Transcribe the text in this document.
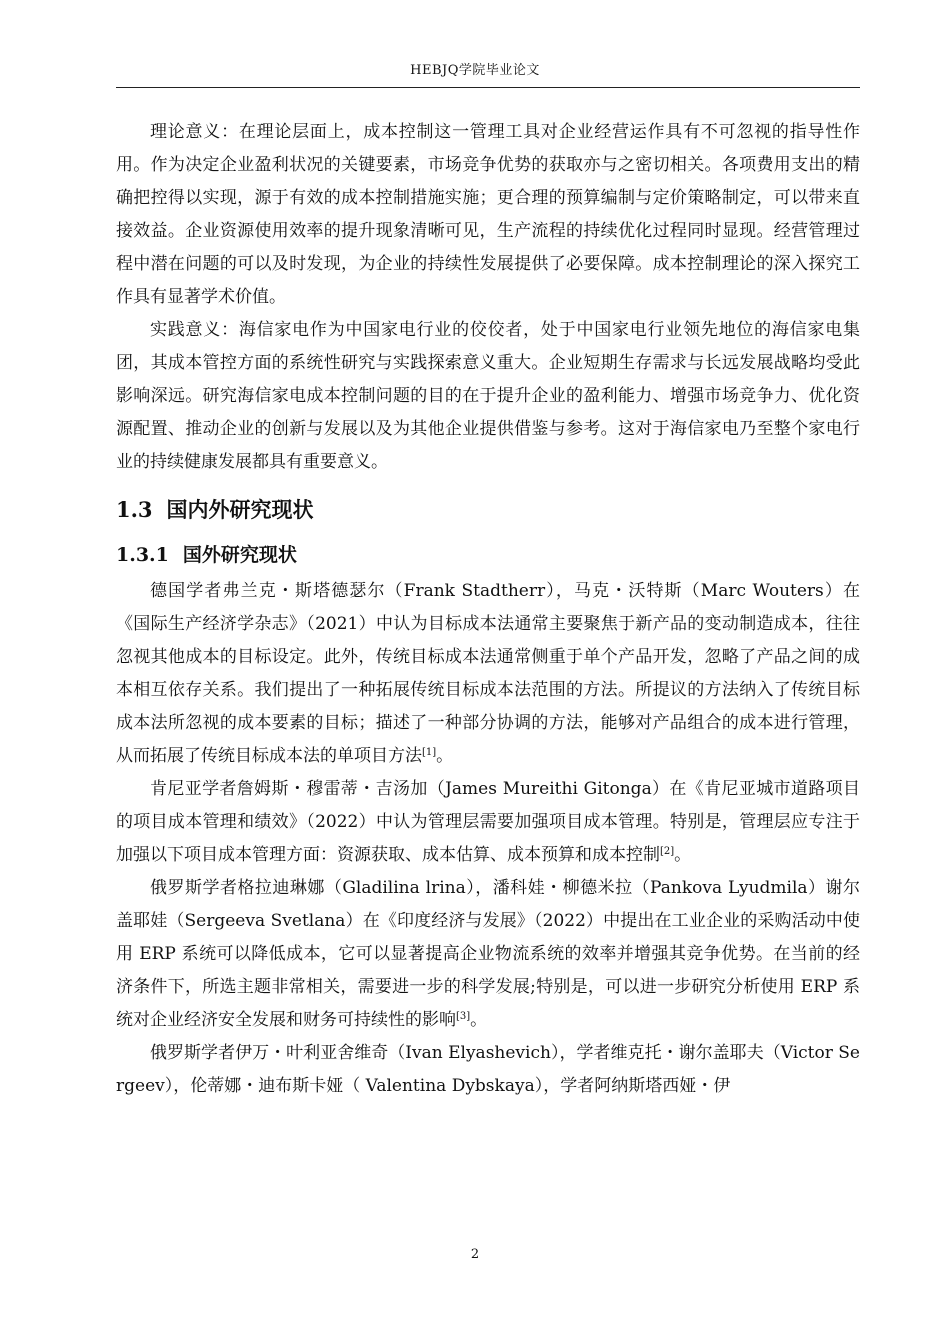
HEBJQ学院毕业论文

理论意义：在理论层面上，成本控制这一管理工具对企业经营运作具有不可忽视的指导性作用。作为决定企业盈利状况的关键要素，市场竞争优势的获取亦与之密切相关。各项费用支出的精确把控得以实现，源于有效的成本控制措施实施；更合理的预算编制与定价策略制定，可以带来直接效益。企业资源使用效率的提升现象清晰可见，生产流程的持续优化过程同时显现。经营管理过程中潜在问题的可以及时发现，为企业的持续性发展提供了必要保障。成本控制理论的深入探究工作具有显著学术价值。

实践意义：海信家电作为中国家电行业的佼佼者，处于中国家电行业领先地位的海信家电集团，其成本管控方面的系统性研究与实践探索意义重大。企业短期生存需求与长远发展战略均受此影响深远。研究海信家电成本控制问题的目的在于提升企业的盈利能力、增强市场竞争力、优化资源配置、推动企业的创新与发展以及为其他企业提供借鉴与参考。这对于海信家电乃至整个家电行业的持续健康发展都具有重要意义。

1.3 国内外研究现状
1.3.1 国外研究现状

德国学者弗兰克・斯塔德瑟尔（Frank Stadtherr），马克・沃特斯（Marc Wouters）在《国际生产经济学杂志》（2021）中认为目标成本法通常主要聚焦于新产品的变动制造成本，往往忽视其他成本的目标设定。此外，传统目标成本法通常侧重于单个产品开发，忽略了产品之间的成本相互依存关系。我们提出了一种拓展传统目标成本法范围的方法。所提议的方法纳入了传统目标成本法所忽视的成本要素的目标；描述了一种部分协调的方法，能够对产品组合的成本进行管理，从而拓展了传统目标成本法的单项目方法[1]。

肯尼亚学者詹姆斯・穆雷蒂・吉汤加（James Mureithi Gitonga）在《肯尼亚城市道路项目的项目成本管理和绩效》（2022）中认为管理层需要加强项目成本管理。特别是，管理层应专注于加强以下项目成本管理方面：资源获取、成本估算、成本预算和成本控制[2]。

俄罗斯学者格拉迪琳娜（Gladilina lrina），潘科娃・柳德米拉（Pankova Lyudmila）谢尔盖耶娃（Sergeeva Svetlana）在《印度经济与发展》（2022）中提出在工业企业的采购活动中使用 ERP 系统可以降低成本，它可以显著提高企业物流系统的效率并增强其竞争优势。在当前的经济条件下，所选主题非常相关，需要进一步的科学发展;特别是，可以进一步研究分析使用 ERP 系统对企业经济安全发展和财务可持续性的影响[3]。

俄罗斯学者伊万・叶利亚舍维奇（Ivan Elyashevich），学者维克托・谢尔盖耶夫（Victor Sergeev），伦蒂娜・迪布斯卡娅（ Valentina Dybskaya），学者阿纳斯塔西娅・伊

2
